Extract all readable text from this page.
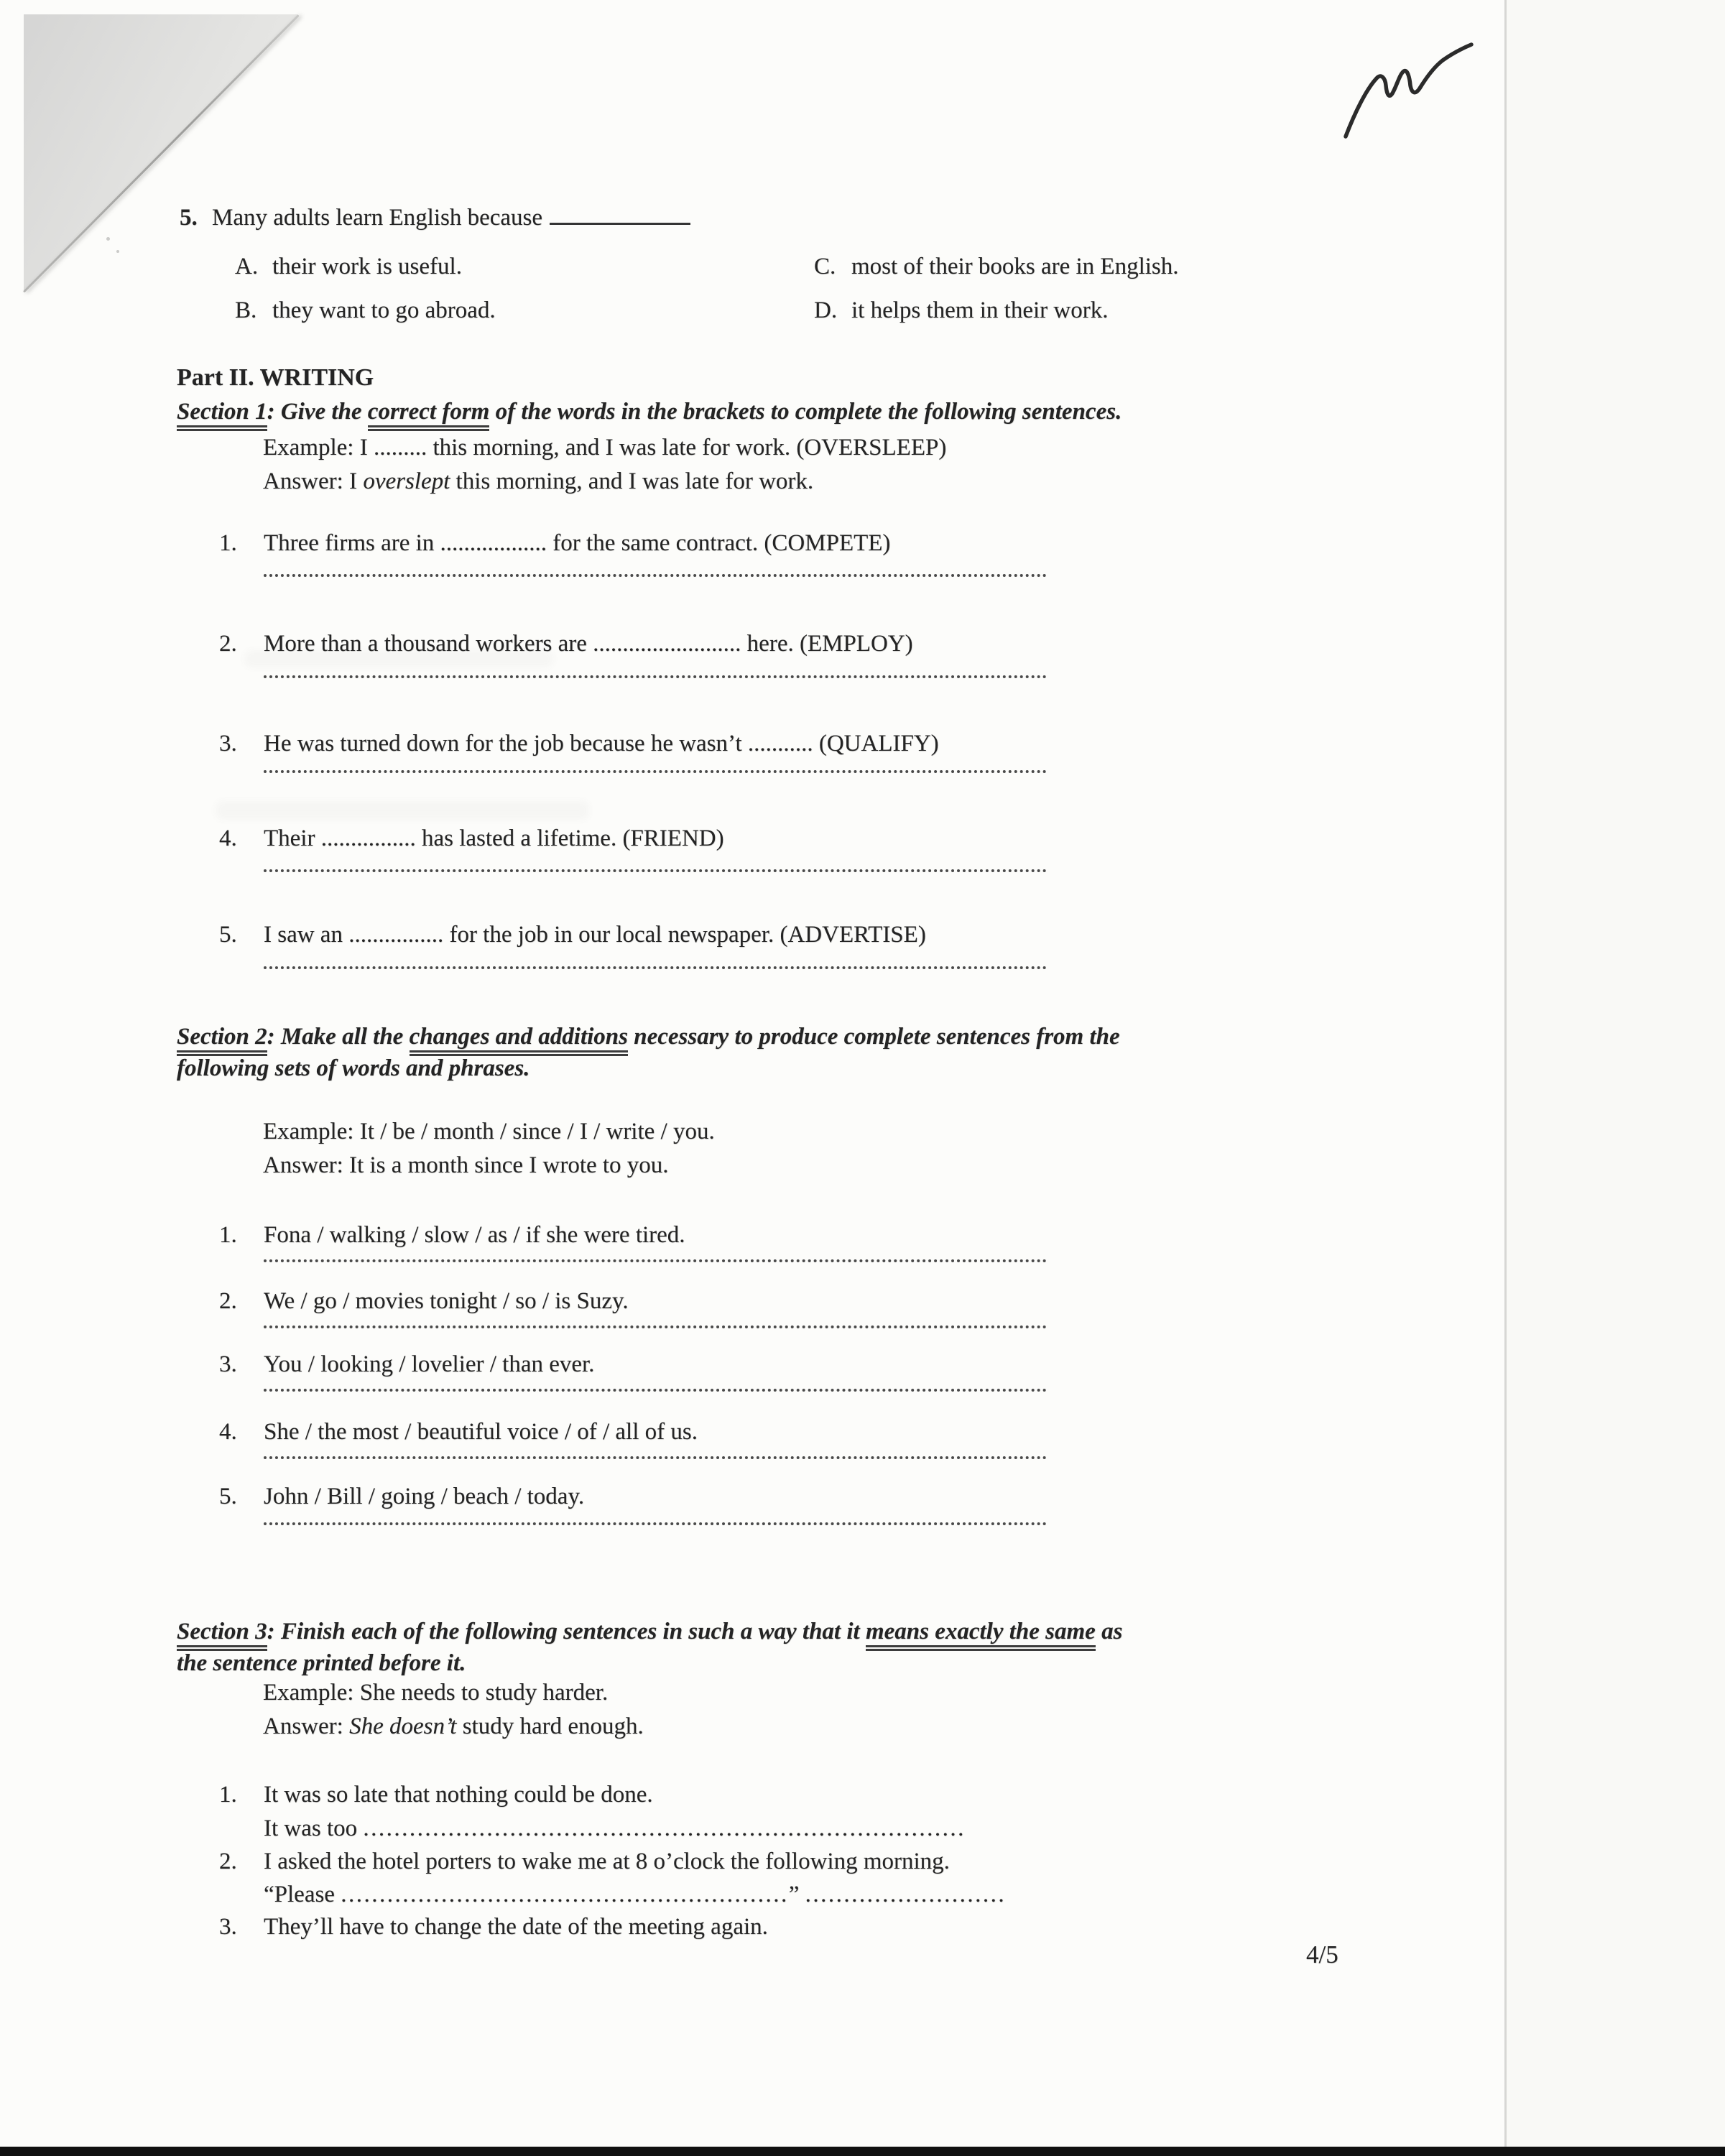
5. Many adults learn English because
A. their work is useful.	C. most of their books are in English.
B. they want to go abroad.	D. it helps them in their work.
Part II. WRITING
Section 1: Give the correct form of the words in the brackets to complete the following sentences.
Example: I ......... this morning, and I was late for work. (OVERSLEEP)
Answer: I overslept this morning, and I was late for work.
1. Three firms are in .................. for the same contract. (COMPETE)
2. More than a thousand workers are ......................... here. (EMPLOY)
3. He was turned down for the job because he wasn’t ........... (QUALIFY)
4. Their ................ has lasted a lifetime. (FRIEND)
5. I saw an ................ for the job in our local newspaper. (ADVERTISE)
Section 2: Make all the changes and additions necessary to produce complete sentences from the
following sets of words and phrases.
Example: It / be / month / since / I / write / you.
Answer: It is a month since I wrote to you.
1. Fona / walking / slow / as / if she were tired.
2. We / go / movies tonight / so / is Suzy.
3. You / looking / lovelier / than ever.
4. She / the most / beautiful voice / of / all of us.
5. John / Bill / going / beach / today.
Section 3: Finish each of the following sentences in such a way that it means exactly the same as
the sentence printed before it.
Example: She needs to study harder.
Answer: She doesn’t study hard enough.
1. It was so late that nothing could be done.
It was too ..............................................................................
2. I asked the hotel porters to wake me at 8 o’clock the following morning.
“Please ..........................................................” ..........................
3. They’ll have to change the date of the meeting again.
4/5
